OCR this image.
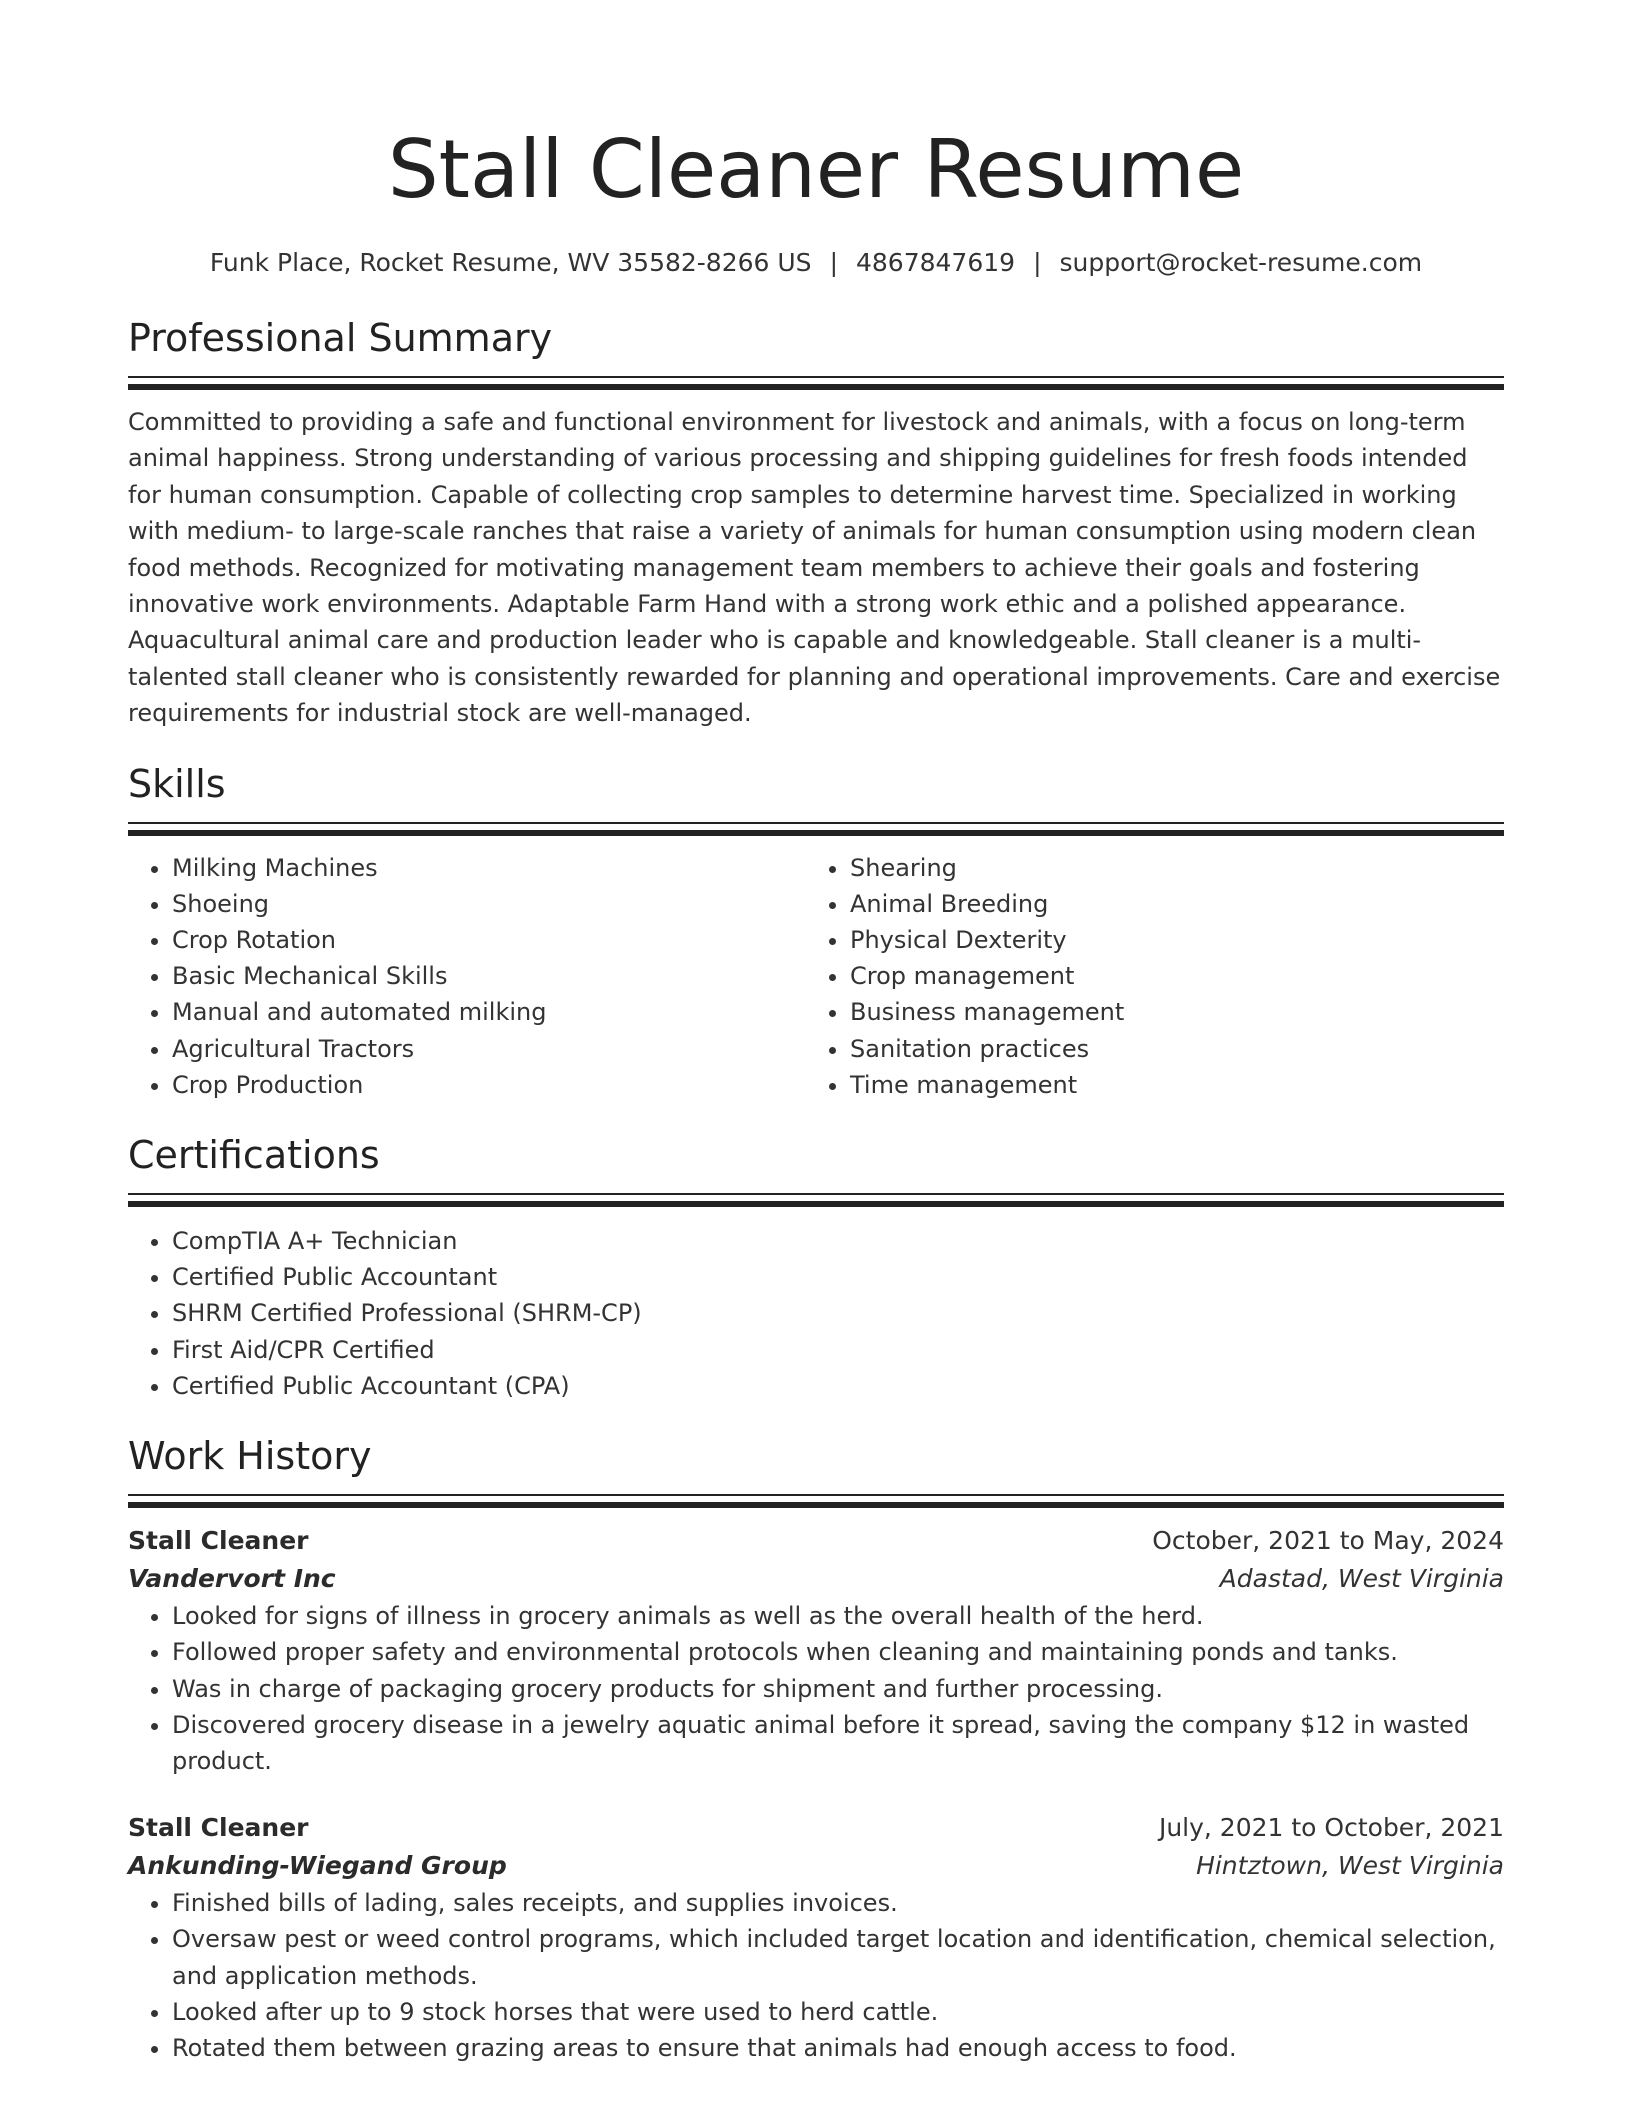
Stall Cleaner Resume
Funk Place, Rocket Resume, WV 35582-8266 US | 4867847619 | support@rocket-resume.com
Professional Summary
Committed to providing a safe and functional environment for livestock and animals, with a focus on long-term animal happiness. Strong understanding of various processing and shipping guidelines for fresh foods intended for human consumption. Capable of collecting crop samples to determine harvest time. Specialized in working with medium- to large-scale ranches that raise a variety of animals for human consumption using modern clean food methods. Recognized for motivating management team members to achieve their goals and fostering innovative work environments. Adaptable Farm Hand with a strong work ethic and a polished appearance. Aquacultural animal care and production leader who is capable and knowledgeable. Stall cleaner is a multi-talented stall cleaner who is consistently rewarded for planning and operational improvements. Care and exercise requirements for industrial stock are well-managed.
Skills
• Milking Machines
• Shoeing
• Crop Rotation
• Basic Mechanical Skills
• Manual and automated milking
• Agricultural Tractors
• Crop Production
• Shearing
• Animal Breeding
• Physical Dexterity
• Crop management
• Business management
• Sanitation practices
• Time management
Certifications
• CompTIA A+ Technician
• Certified Public Accountant
• SHRM Certified Professional (SHRM-CP)
• First Aid/CPR Certified
• Certified Public Accountant (CPA)
Work History
Stall Cleaner	October, 2021 to May, 2024
Vandervort Inc	Adastad, West Virginia
• Looked for signs of illness in grocery animals as well as the overall health of the herd.
• Followed proper safety and environmental protocols when cleaning and maintaining ponds and tanks.
• Was in charge of packaging grocery products for shipment and further processing.
• Discovered grocery disease in a jewelry aquatic animal before it spread, saving the company $12 in wasted product.
Stall Cleaner	July, 2021 to October, 2021
Ankunding-Wiegand Group	Hintztown, West Virginia
• Finished bills of lading, sales receipts, and supplies invoices.
• Oversaw pest or weed control programs, which included target location and identification, chemical selection, and application methods.
• Looked after up to 9 stock horses that were used to herd cattle.
• Rotated them between grazing areas to ensure that animals had enough access to food.
